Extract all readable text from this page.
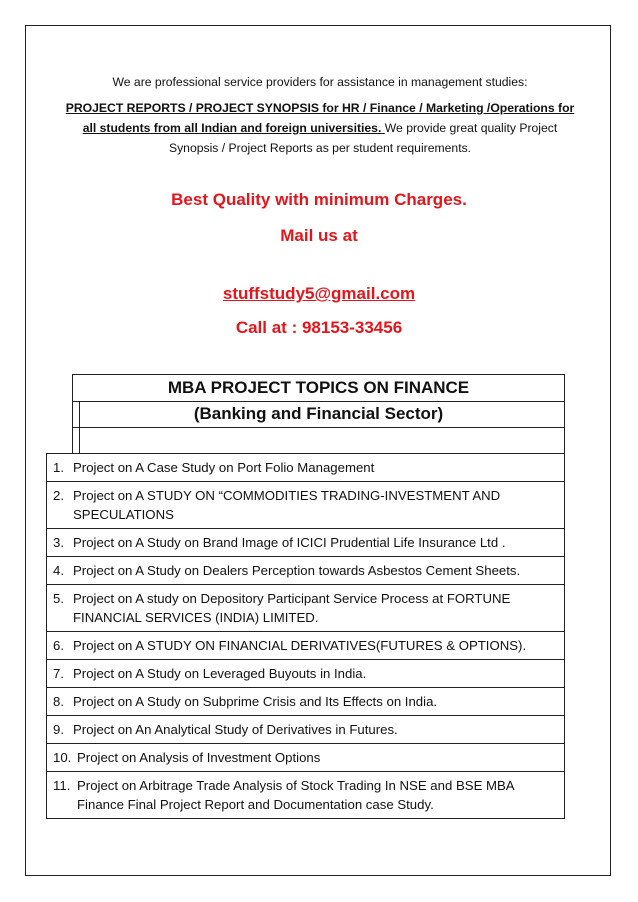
We are professional service providers for assistance in management studies:
PROJECT REPORTS / PROJECT SYNOPSIS for HR / Finance / Marketing /Operations for all students from all Indian and foreign universities. We provide great quality Project Synopsis / Project Reports as per student requirements.
Best Quality with minimum Charges.
Mail us at
stuffstudy5@gmail.com
Call at : 98153-33456
MBA PROJECT TOPICS ON FINANCE
(Banking and Financial Sector)
1. Project on A Case Study on Port Folio Management
2. Project on A STUDY ON “COMMODITIES TRADING-INVESTMENT AND SPECULATIONS
3. Project on A Study on Brand Image of ICICI Prudential Life Insurance Ltd .
4. Project on A Study on Dealers Perception towards Asbestos Cement Sheets.
5. Project on A study on Depository Participant Service Process at FORTUNE FINANCIAL SERVICES (INDIA) LIMITED.
6. Project on A STUDY ON FINANCIAL DERIVATIVES(FUTURES & OPTIONS).
7. Project on A Study on Leveraged Buyouts in India.
8. Project on A Study on Subprime Crisis and Its Effects on India.
9. Project on An Analytical Study of Derivatives in Futures.
10. Project on Analysis of Investment Options
11. Project on Arbitrage Trade Analysis of Stock Trading In NSE and BSE MBA Finance Final Project Report and Documentation case Study.
